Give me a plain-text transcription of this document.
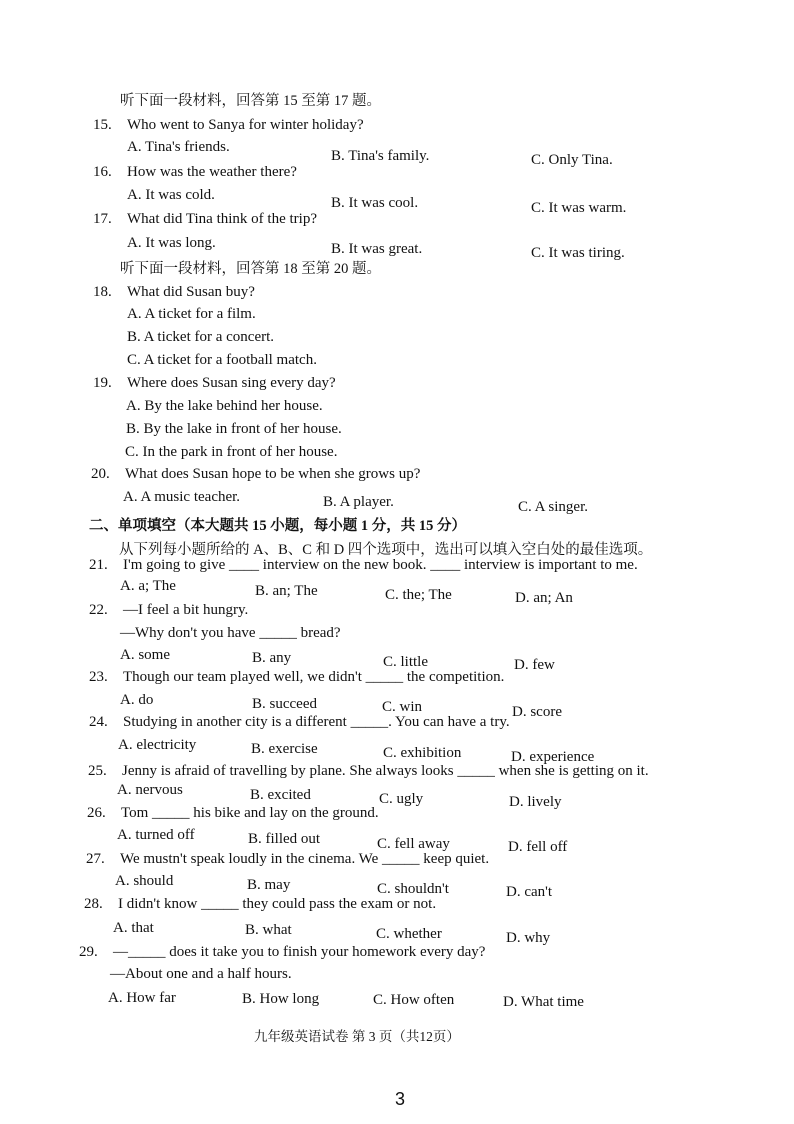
听下面一段材料，回答第 15 至第 17 题。
15. Who went to Sanya for winter holiday?
A. Tina's friends.
B. Tina's family.	C. Only Tina.
16. How was the weather there?
A. It was cold.	B. It was cool.	C. It was warm.
17. What did Tina think of the trip?
A. It was long.	B. It was great.	C. It was tiring.
听下面一段材料，回答第 18 至第 20 题。
18. What did Susan buy?
A. A ticket for a film.
B. A ticket for a concert.
C. A ticket for a football match.
19. Where does Susan sing every day?
A. By the lake behind her house.
B. By the lake in front of her house.
C. In the park in front of her house.
20. What does Susan hope to be when she grows up?
A. A music teacher.	B. A player.	C. A singer.
二、单项填空（本大题共 15 小题，每小题 1 分，共 15 分）
从下列每小题所给的 A、B、C 和 D 四个选项中，选出可以填入空白处的最佳选项。
21. I'm going to give ____ interview on the new book. ____ interview is important to me.
A. a; The	B. an; The	C. the; The	D. an; An
22. —I feel a bit hungry.
—Why don't you have _____ bread?
A. some	B. any	C. little	D. few
23. Though our team played well, we didn't _____ the competition.
A. do	B. succeed	C. win	D. score
24. Studying in another city is a different _____. You can have a try.
A. electricity	B. exercise	C. exhibition	D. experience
25. Jenny is afraid of travelling by plane. She always looks _____ when she is getting on it.
A. nervous	B. excited	C. ugly	D. lively
26. Tom _____ his bike and lay on the ground.
A. turned off	B. filled out	C. fell away	D. fell off
27. We mustn't speak loudly in the cinema. We _____ keep quiet.
A. should	B. may	C. shouldn't	D. can't
28. I didn't know _____ they could pass the exam or not.
A. that	B. what	C. whether	D. why
29. —_____ does it take you to finish your homework every day?
—About one and a half hours.
A. How far	B. How long	C. How often	D. What time
九年级英语试卷 第 3 页（共12页）
3
